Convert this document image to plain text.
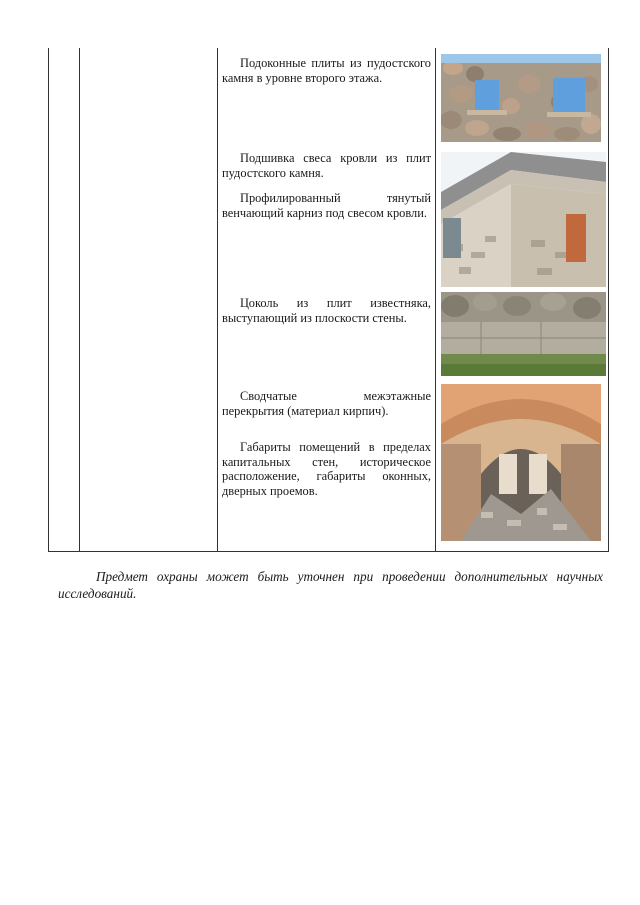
Подоконные плиты из пудостского камня в уровне второго этажа.
Подшивка свеса кровли из плит пудостского камня.
Профилированный тянутый венчающий карниз под свесом кровли.
Цоколь из плит известняка, выступающий из плоскости стены.
Сводчатые межэтажные перекрытия (материал кирпич).
Габариты помещений в пределах капитальных стен, историческое расположение, габариты оконных, дверных проемов.
Предмет охраны может быть уточнен при проведении дополнительных научных исследований.
